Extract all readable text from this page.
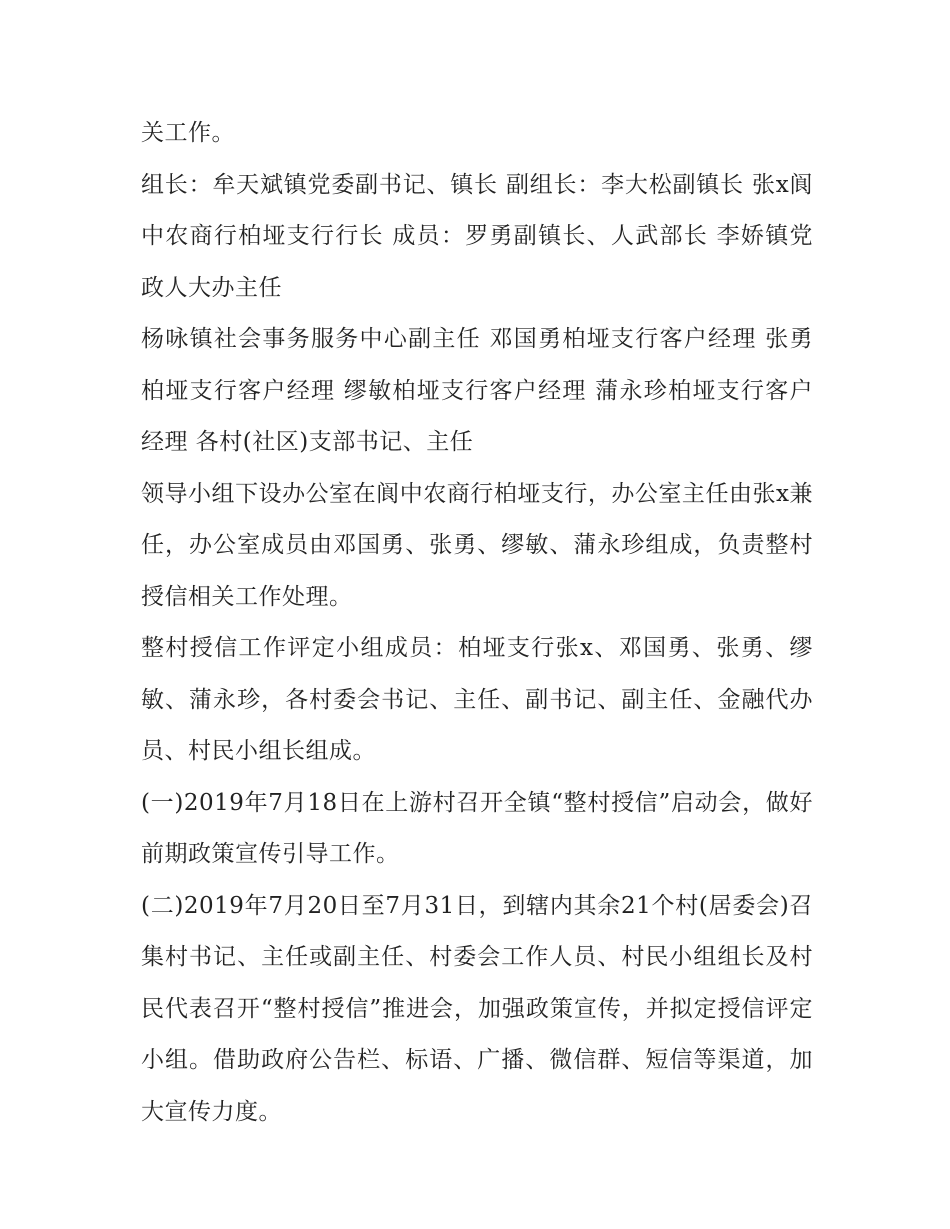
关工作。

组长：牟天斌镇党委副书记、镇长 副组长：李大松副镇长 张x阆中农商行柏垭支行行长 成员：罗勇副镇长、人武部长 李娇镇党政人大办主任

杨咏镇社会事务服务中心副主任 邓国勇柏垭支行客户经理 张勇柏垭支行客户经理 缪敏柏垭支行客户经理 蒲永珍柏垭支行客户经理 各村(社区)支部书记、主任

领导小组下设办公室在阆中农商行柏垭支行，办公室主任由张x兼任，办公室成员由邓国勇、张勇、缪敏、蒲永珍组成，负责整村授信相关工作处理。

整村授信工作评定小组成员：柏垭支行张x、邓国勇、张勇、缪敏、蒲永珍，各村委会书记、主任、副书记、副主任、金融代办员、村民小组长组成。

(一)2019年7月18日在上游村召开全镇“整村授信”启动会，做好前期政策宣传引导工作。

(二)2019年7月20日至7月31日，到辖内其余21个村(居委会)召集村书记、主任或副主任、村委会工作人员、村民小组组长及村民代表召开“整村授信”推进会，加强政策宣传，并拟定授信评定小组。借助政府公告栏、标语、广播、微信群、短信等渠道，加大宣传力度。
